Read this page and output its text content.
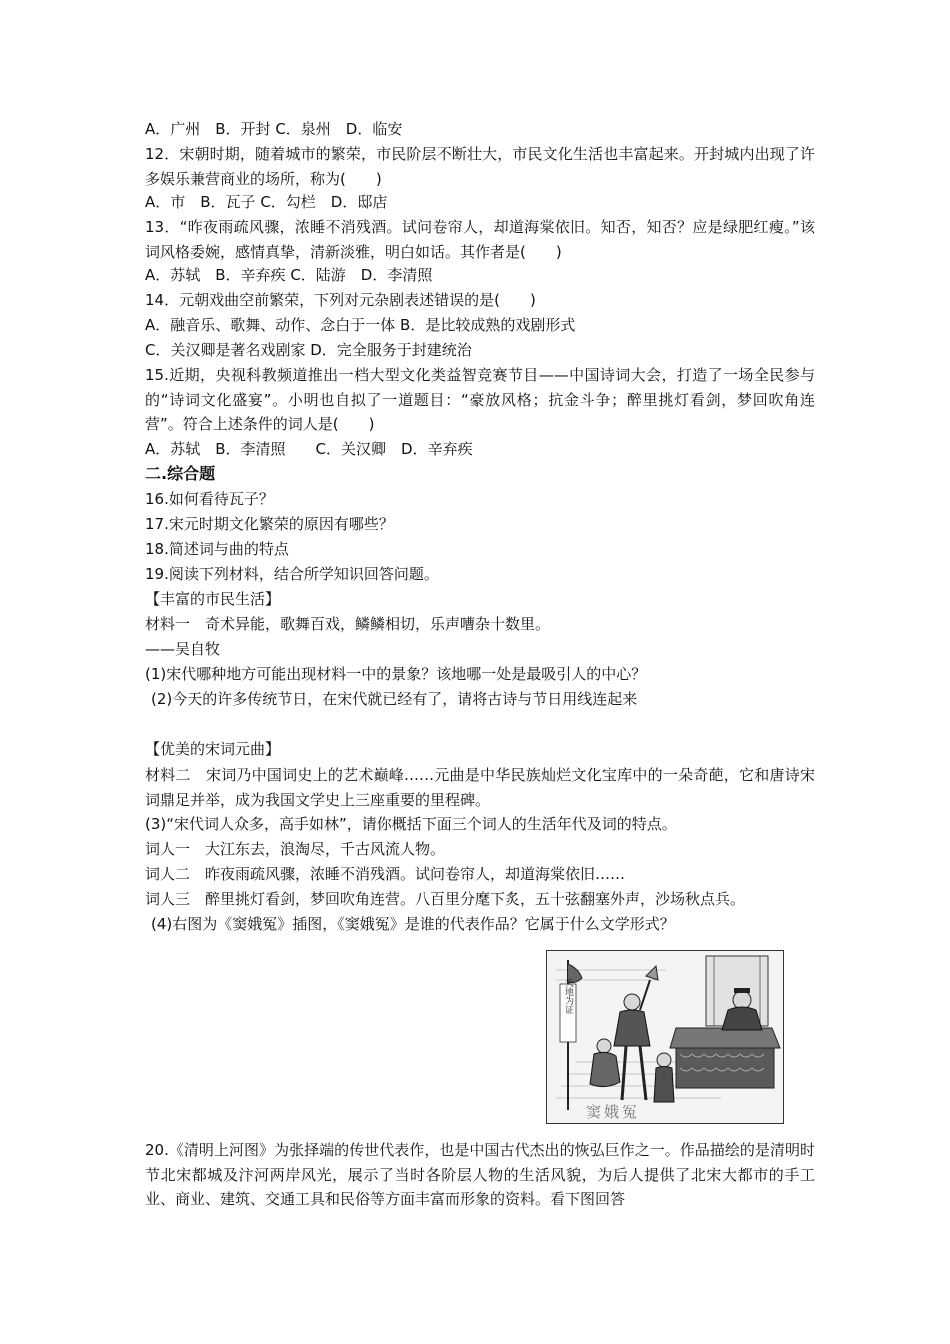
A．广州　B．开封 C．泉州　D．临安
12．宋朝时期，随着城市的繁荣，市民阶层不断壮大，市民文化生活也丰富起来。开封城内出现了许多娱乐兼营商业的场所，称为(　　)
A．市　B．瓦子 C．勾栏　D．邸店
13．“昨夜雨疏风骤，浓睡不消残酒。试问卷帘人，却道海棠依旧。知否，知否？应是绿肥红瘦。”该词风格委婉，感情真挚，清新淡雅，明白如话。其作者是(　　)
A．苏轼　B．辛弃疾 C．陆游　D．李清照
14．元朝戏曲空前繁荣，下列对元杂剧表述错误的是(　　)
A．融音乐、歌舞、动作、念白于一体 B．是比较成熟的戏剧形式
C．关汉卿是著名戏剧家 D．完全服务于封建统治
15.近期，央视科教频道推出一档大型文化类益智竞赛节目——中国诗词大会，打造了一场全民参与的“诗词文化盛宴”。小明也自拟了一道题目：“豪放风格；抗金斗争；醉里挑灯看剑，梦回吹角连营”。符合上述条件的词人是(　　)
A．苏轼　B．李清照　　C．关汉卿　D．辛弃疾
二.综合题
16.如何看待瓦子？
17.宋元时期文化繁荣的原因有哪些？
18.简述词与曲的特点
19.阅读下列材料，结合所学知识回答问题。
【丰富的市民生活】
材料一　奇术异能，歌舞百戏，鳞鳞相切，乐声嘈杂十数里。
——吴自牧
(1)宋代哪种地方可能出现材料一中的景象？该地哪一处是最吸引人的中心？
(2)今天的许多传统节日，在宋代就已经有了，请将古诗与节日用线连起来
【优美的宋词元曲】
材料二　宋词乃中国词史上的艺术巅峰……元曲是中华民族灿烂文化宝库中的一朵奇葩，它和唐诗宋词鼎足并举，成为我国文学史上三座重要的里程碑。
(3)“宋代词人众多，高手如林”，请你概括下面三个词人的生活年代及词的特点。
词人一　大江东去，浪淘尽，千古风流人物。
词人二　昨夜雨疏风骤，浓睡不消残酒。试问卷帘人，却道海棠依旧……
词人三　醉里挑灯看剑，梦回吹角连营。八百里分麾下炙，五十弦翻塞外声，沙场秋点兵。
(4)右图为《窦娥冤》插图，《窦娥冤》是谁的代表作品？它属于什么文学形式？
天地为证
窦娥冤
20.《清明上河图》为张择端的传世代表作，也是中国古代杰出的恢弘巨作之一。作品描绘的是清明时节北宋都城及汴河两岸风光，展示了当时各阶层人物的生活风貌，为后人提供了北宋大都市的手工业、商业、建筑、交通工具和民俗等方面丰富而形象的资料。看下图回答
